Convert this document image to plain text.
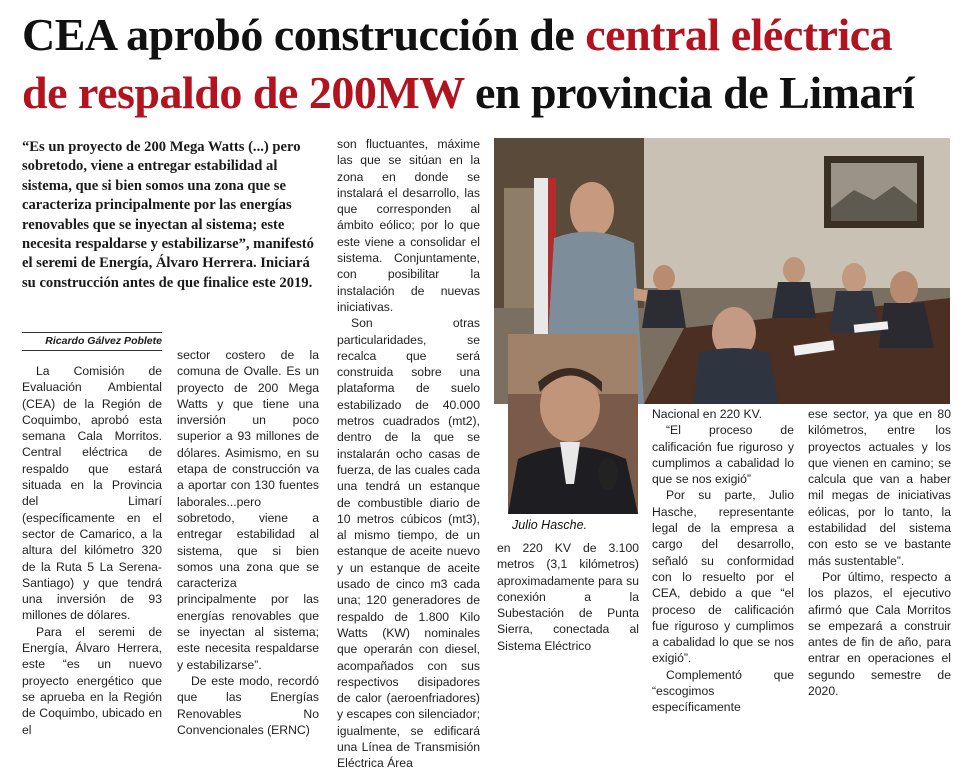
CEA aprobó construcción de central eléctrica
de respaldo de 200MW en provincia de Limarí

“Es un proyecto de 200 Mega Watts (...) pero sobretodo, viene a entregar estabilidad al sistema, que si bien somos una zona que se caracteriza principalmente por las energías renovables que se inyectan al sistema; este necesita respaldarse y estabilizarse”, manifestó el seremi de Energía, Álvaro Herrera. Iniciará su construcción antes de que finalice este 2019.

Ricardo Gálvez Poblete

La Comisión de Evaluación Ambiental (CEA) de la Región de Coquimbo, aprobó esta semana Cala Morritos. Central eléctrica de respaldo que estará situada en la Provincia del Limarí (específicamente en el sector de Camarico, a la altura del kilómetro 320 de la Ruta 5 La Serena-Santiago) y que tendrá una inversión de 93 millones de dólares.

Para el seremi de Energía, Álvaro Herrera, este “es un nuevo proyecto energético que se aprueba en la Región de Coquimbo, ubicado en el

sector costero de la comuna de Ovalle. Es un proyecto de 200 Mega Watts y que tiene una inversión un poco superior a 93 millones de dólares. Asimismo, en su etapa de construcción va a aportar con 130 fuentes laborales...pero sobretodo, viene a entregar estabilidad al sistema, que si bien somos una zona que se caracteriza principalmente por las energías renovables que se inyectan al sistema; este necesita respaldarse y estabilizarse”.

De este modo, recordó que las Energías Renovables No Convencionales (ERNC)

son fluctuantes, máxime las que se sitúan en la zona en donde se instalará el desarrollo, las que corresponden al ámbito eólico; por lo que este viene a consolidar el sistema. Conjuntamente, con posibilitar la instalación de nuevas iniciativas.

Son otras particularidades, se recalca que será construida sobre una plataforma de suelo estabilizado de 40.000 metros cuadrados (mt2), dentro de la que se instalarán ocho casas de fuerza, de las cuales cada una tendrá un estanque de combustible diario de 10 metros cúbicos (mt3), al mismo tiempo, de un estanque de aceite nuevo y un estanque de aceite usado de cinco m3 cada una; 120 generadores de respaldo de 1.800 Kilo Watts (KW) nominales que operarán con diesel, acompañados con sus respectivos disipadores de calor (aeroenfriadores) y escapes con silenciador; igualmente, se edificará una Línea de Transmisión Eléctrica Área

Nacional en 220 KV.

“El proceso de calificación fue riguroso y cumplimos a cabalidad lo que se nos exigió”

Por su parte, Julio Hasche, representante legal de la empresa a cargo del desarrollo, señaló su conformidad con lo resuelto por el CEA, debido a que “el proceso de calificación fue riguroso y cumplimos a cabalidad lo que se nos exigió”.

Complementó que “escogimos específicamente

en 220 KV de 3.100 metros (3,1 kilómetros) aproximadamente para su conexión a la Subestación de Punta Sierra, conectada al Sistema Eléctrico

ese sector, ya que en 80 kilómetros, entre los proyectos actuales y los que vienen en camino; se calcula que van a haber mil megas de iniciativas eólicas, por lo tanto, la estabilidad del sistema con esto se ve bastante más sustentable”.

Por último, respecto a los plazos, el ejecutivo afirmó que Cala Morritos se empezará a construir antes de fin de año, para entrar en operaciones el segundo semestre de 2020.

Julio Hasche.
